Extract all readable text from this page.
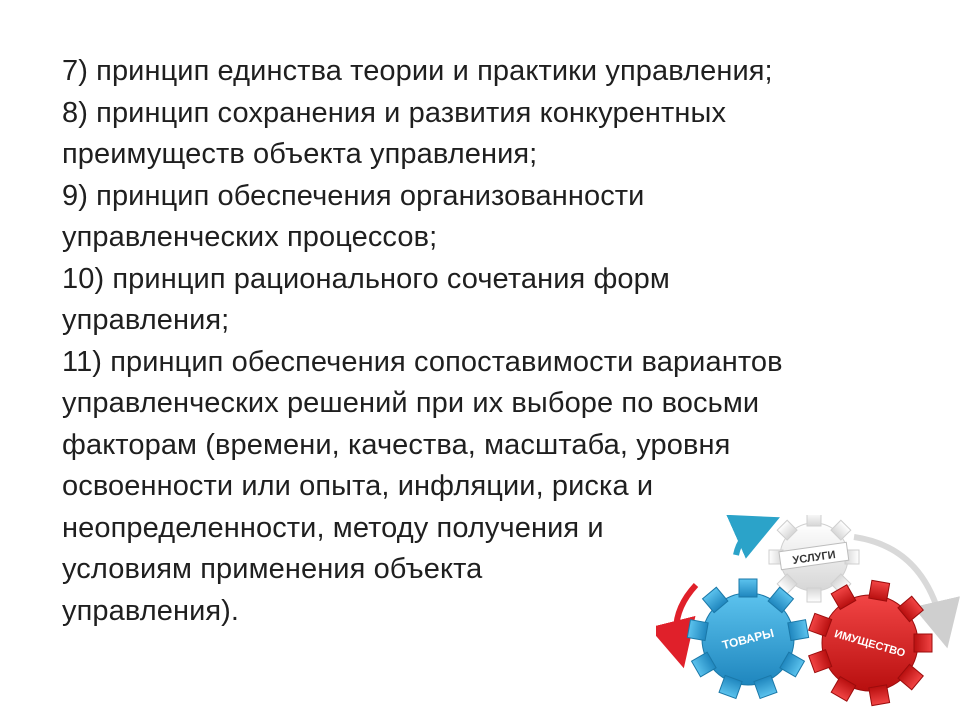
7) принцип единства теории и практики управления;
8) принцип сохранения и развития конкурентных
преимуществ объекта управления;
9) принцип обеспечения организованности
управленческих процессов;
10) принцип рационального сочетания форм
управления;
11) принцип обеспечения сопоставимости вариантов
управленческих решений при их выборе по восьми
факторам (времени, качества, масштаба, уровня
освоенности или опыта, инфляции, риска и
неопределенности, методу получения и
условиям применения объекта
управления).
УСЛУГИ
ТОВАРЫ	ИМУЩЕСТВО
